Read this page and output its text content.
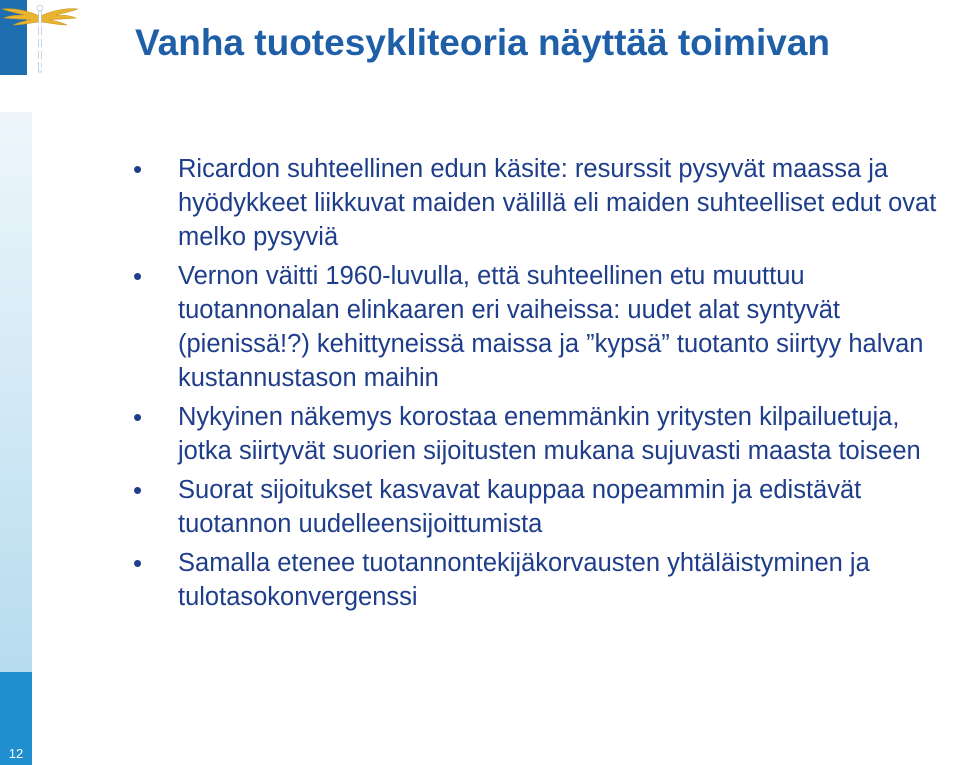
12
Vanha tuotesykliteoria näyttää toimivan
• Ricardon suhteellinen edun käsite: resurssit pysyvät maassa ja hyödykkeet liikkuvat maiden välillä eli maiden suhteelliset edut ovat melko pysyviä
• Vernon väitti 1960-luvulla, että suhteellinen etu muuttuu tuotannonalan elinkaaren eri vaiheissa: uudet alat syntyvät (pienissä!?) kehittyneissä maissa ja ”kypsä” tuotanto siirtyy halvan kustannustason maihin
• Nykyinen näkemys korostaa enemmänkin yritysten kilpailuetuja, jotka siirtyvät suorien sijoitusten mukana sujuvasti maasta toiseen
• Suorat sijoitukset kasvavat kauppaa nopeammin ja edistävät tuotannon uudelleensijoittumista
• Samalla etenee tuotannontekijäkorvausten yhtäläistyminen ja tulotasokonvergenssi
